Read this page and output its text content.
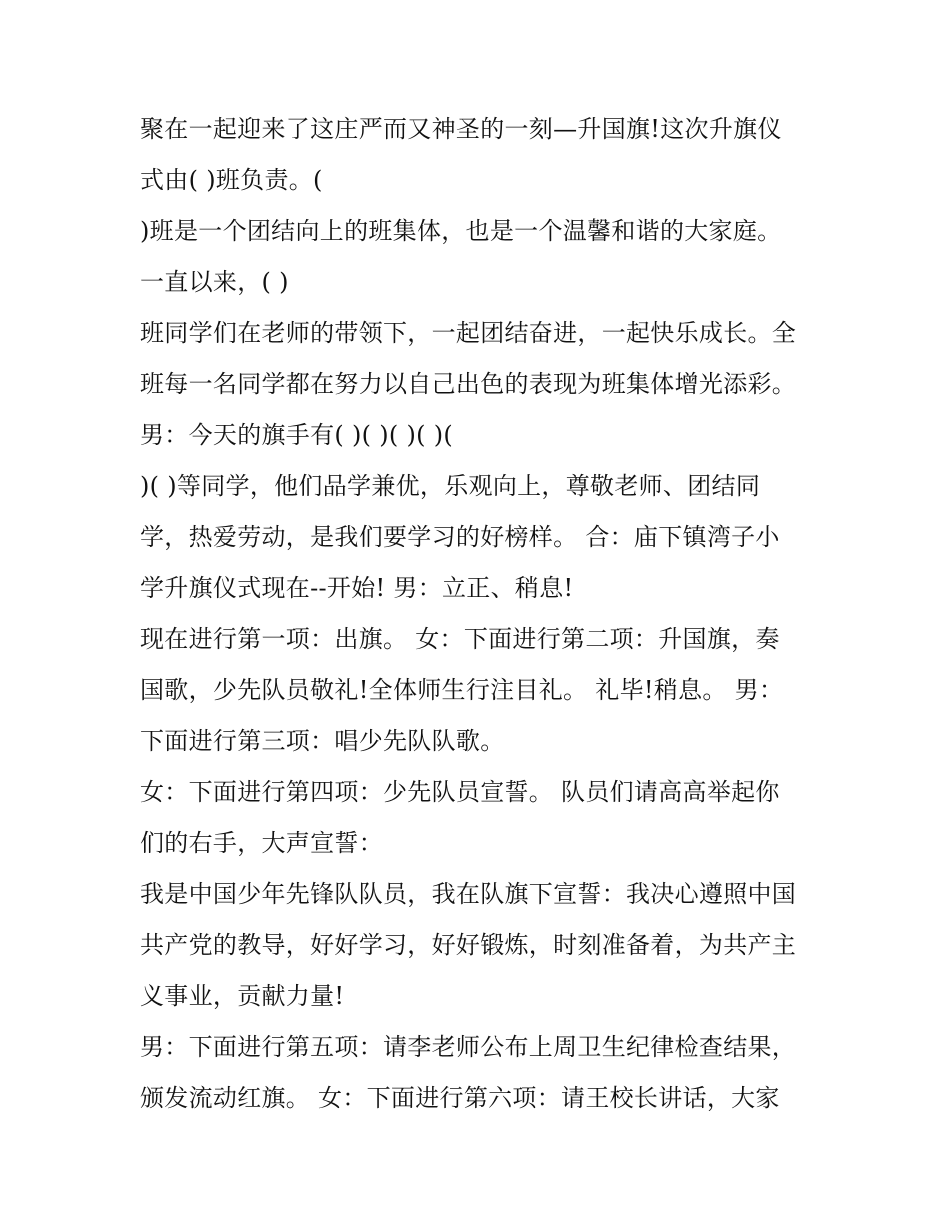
聚在一起迎来了这庄严而又神圣的一刻—升国旗!这次升旗仪
式由( )班负责。(
)班是一个团结向上的班集体，也是一个温馨和谐的大家庭。
一直以来，( )
班同学们在老师的带领下，一起团结奋进，一起快乐成长。全
班每一名同学都在努力以自己出色的表现为班集体增光添彩。
男：今天的旗手有( )( )( )( )(
)( )等同学，他们品学兼优，乐观向上，尊敬老师、团结同
学，热爱劳动，是我们要学习的好榜样。 合：庙下镇湾子小
学升旗仪式现在--开始! 男：立正、稍息!
现在进行第一项：出旗。 女：下面进行第二项：升国旗，奏
国歌，少先队员敬礼!全体师生行注目礼。 礼毕!稍息。 男：
下面进行第三项：唱少先队队歌。
女：下面进行第四项：少先队员宣誓。 队员们请高高举起你
们的右手，大声宣誓：
我是中国少年先锋队队员，我在队旗下宣誓：我决心遵照中国
共产党的教导，好好学习，好好锻炼，时刻准备着，为共产主
义事业，贡献力量!
男：下面进行第五项：请李老师公布上周卫生纪律检查结果，
颁发流动红旗。 女：下面进行第六项：请王校长讲话，大家
